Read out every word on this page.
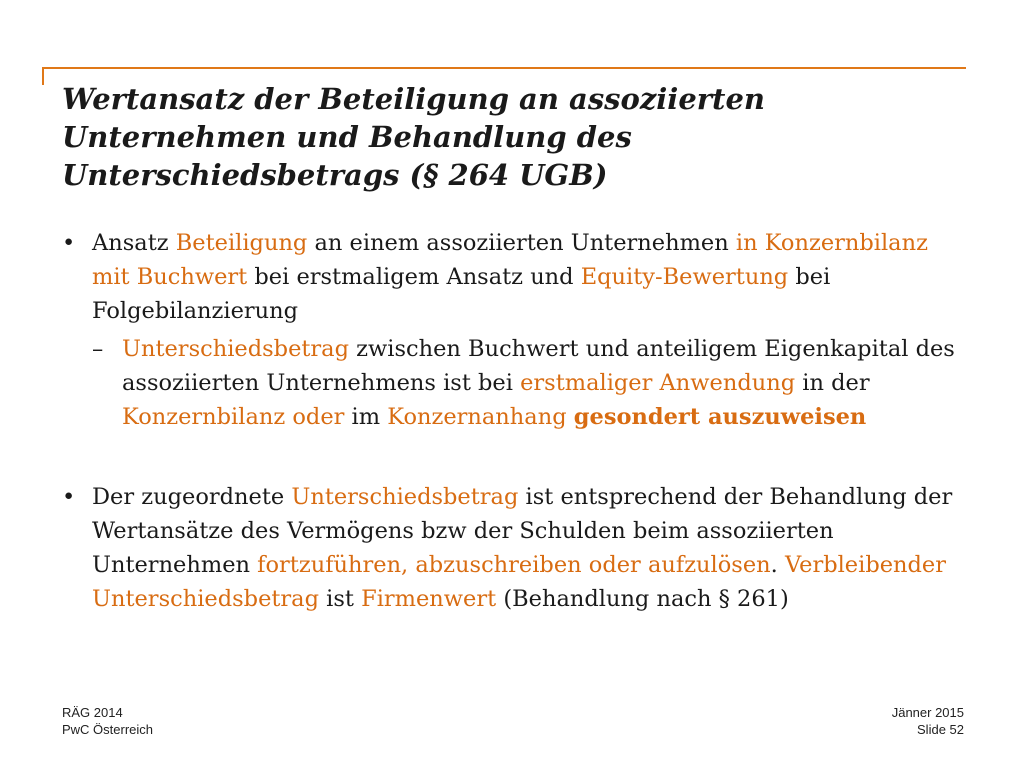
Wertansatz der Beteiligung an assoziierten Unternehmen und Behandlung des Unterschiedsbetrags (§ 264 UGB)
• Ansatz Beteiligung an einem assoziierten Unternehmen in Konzernbilanz mit Buchwert bei erstmaligem Ansatz und Equity-Bewertung bei Folgebilanzierung
– Unterschiedsbetrag zwischen Buchwert und anteiligem Eigenkapital des assoziierten Unternehmens ist bei erstmaliger Anwendung in der Konzernbilanz oder im Konzernanhang gesondert auszuweisen
• Der zugeordnete Unterschiedsbetrag ist entsprechend der Behandlung der Wertansätze des Vermögens bzw der Schulden beim assoziierten Unternehmen fortzuführen, abzuschreiben oder aufzulösen. Verbleibender Unterschiedsbetrag ist Firmenwert (Behandlung nach § 261)
RÄG 2014
PwC Österreich
Jänner 2015
Slide 52
